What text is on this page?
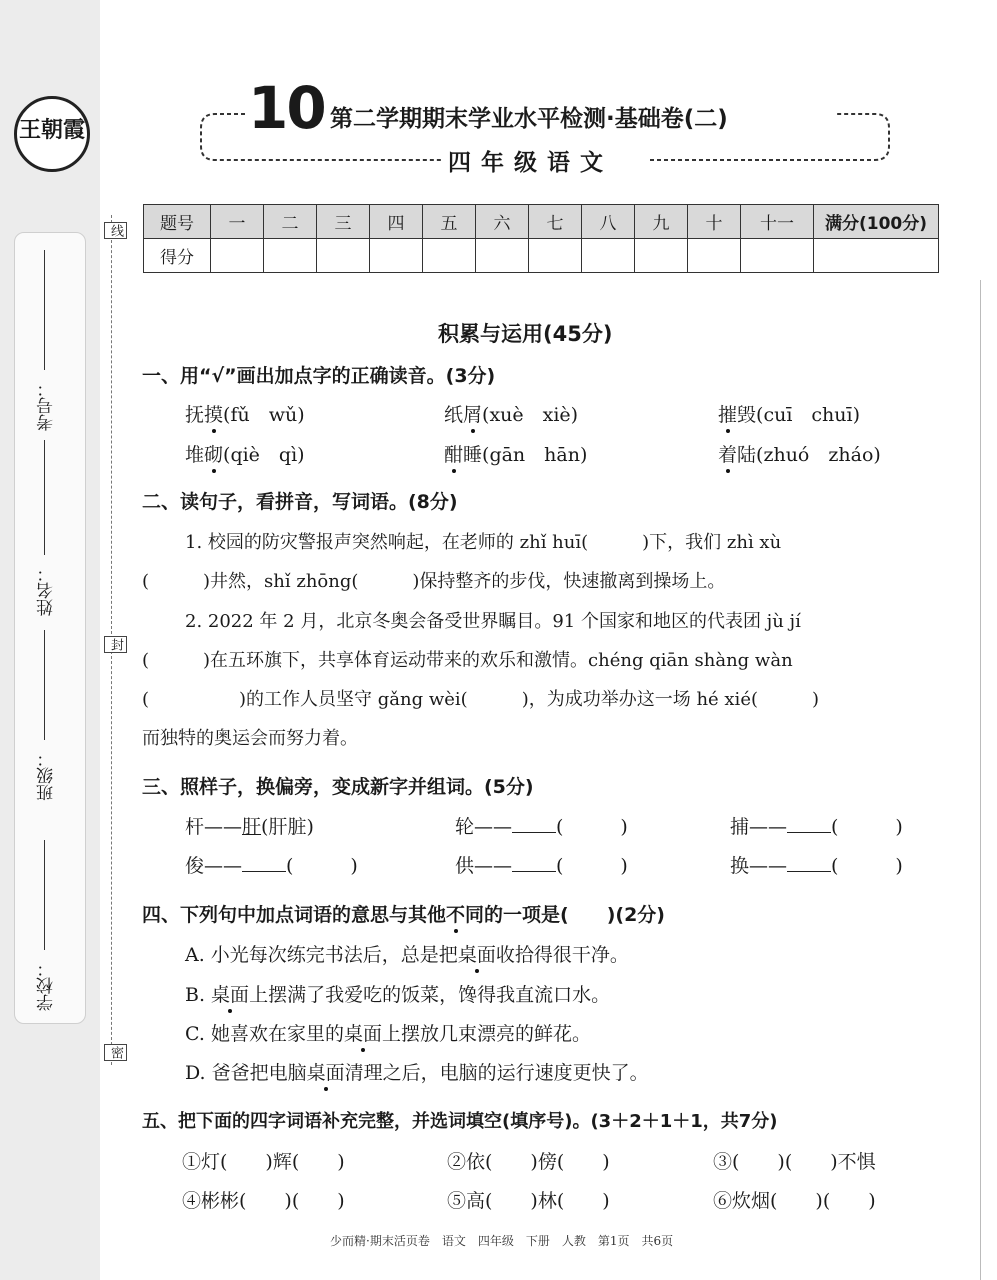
王朝霞
学校：
班级：
姓名：
考号：
线
封
密
10 第二学期期末学业水平检测·基础卷(二)
四年级语文
题号	一	二	三	四	五	六	七	八	九	十	十一	满分(100分)
得分												
积累与运用(45分)
一、用“√”画出加点字的正确读音。(3分)
抚摸(fǔ　wǔ)	纸屑(xuè　xiè)	摧毁(cuī　chuī)
堆砌(qiè　qì)	酣睡(gān　hān)	着陆(zhuó　zháo)
二、读句子，看拼音，写词语。(8分)
1. 校园的防灾警报声突然响起，在老师的 zhǐ huī(　　　)下，我们 zhì xù
(　　　)井然，shǐ zhōng(　　　)保持整齐的步伐，快速撤离到操场上。
2. 2022 年 2 月，北京冬奥会备受世界瞩目。91 个国家和地区的代表团 jù jí
(　　　)在五环旗下，共享体育运动带来的欢乐和激情。chéng qiān shàng wàn
(　　　　　)的工作人员坚守 gǎng wèi(　　　)，为成功举办这一场 hé xié(　　　)
而独特的奥运会而努力着。
三、照样子，换偏旁，变成新字并组词。(5分)
杆——肝(肝脏)	轮—— (　　　)	捕—— (　　　)
俊—— (　　　)	供—— (　　　)	换—— (　　　)
四、下列句中加点词语的意思与其他不同的一项是(　　)(2分)
A. 小光每次练完书法后，总是把桌面收拾得很干净。
B. 桌面上摆满了我爱吃的饭菜，馋得我直流口水。
C. 她喜欢在家里的桌面上摆放几束漂亮的鲜花。
D. 爸爸把电脑桌面清理之后，电脑的运行速度更快了。
五、把下面的四字词语补充完整，并选词填空(填序号)。(3＋2＋1＋1，共7分)
①灯(　　)辉(　　)	②依(　　)傍(　　)	③(　　)(　　)不惧
④彬彬(　　)(　　)	⑤高(　　)林(　　)	⑥炊烟(　　)(　　)
少而精·期末活页卷　语文　四年级　下册　人教　第1页　共6页
